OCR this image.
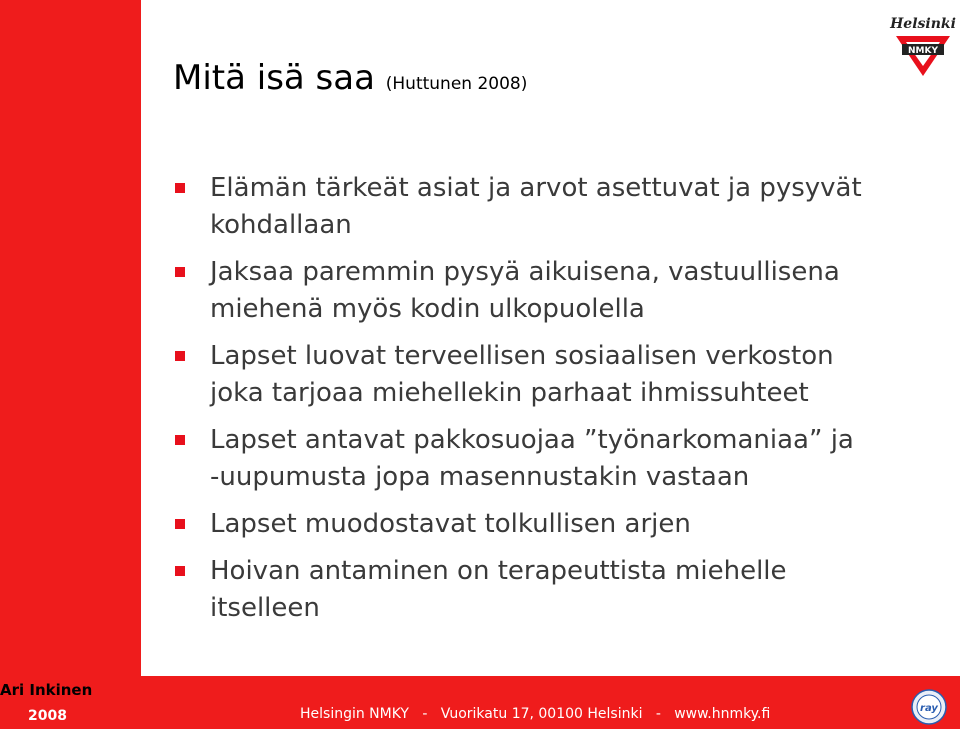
Ari Inkinen
2008	Helsingin NMKY   -   Vuorikatu 17, 00100 Helsinki   -   www.hnmky.fi
Mitä isä saa (Huttunen 2008)
Elämän tärkeät asiat ja arvot asettuvat ja pysyvät kohdallaan
Jaksaa paremmin pysyä aikuisena, vastuullisena miehenä myös kodin ulkopuolella
Lapset luovat terveellisen sosiaalisen verkoston joka tarjoaa miehellekin parhaat ihmissuhteet
Lapset antavat pakkosuojaa ”työnarkomaniaa” ja -uupumusta jopa masennustakin vastaan
Lapset muodostavat tolkullisen arjen
Hoivan antaminen on terapeuttista miehelle itselleen
Helsinki
NMKY
ray
